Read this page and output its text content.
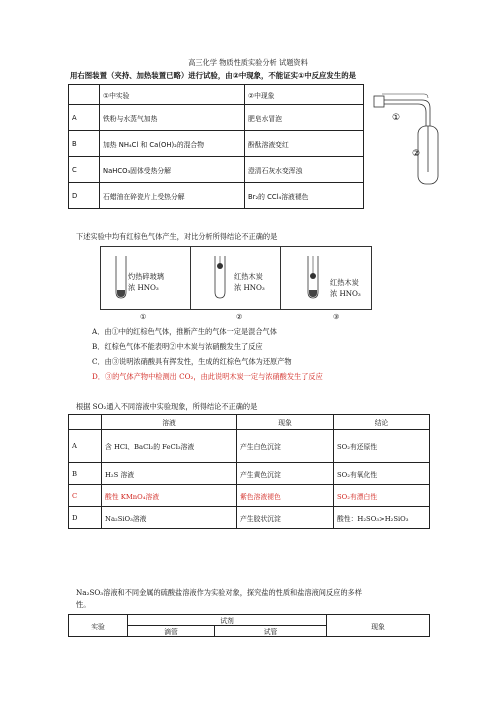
高三化学 物质性质实验分析 试题资料
用右图装置（夹持、加热装置已略）进行试验，由②中现象，不能证实①中反应发生的是
	①中实验	②中现象
A	铁粉与水蒸气加热	肥皂水冒泡
B	加热 NH₄Cl 和 Ca(OH)₂的混合物	酚酞溶液变红
C	NaHCO₃固体受热分解	澄清石灰水变浑浊
D	石蜡油在碎瓷片上受热分解	Br₂的 CCl₄溶液褪色
①
②
下述实验中均有红棕色气体产生，对比分析所得结论不正确的是
灼热碎玻璃
浓 HNO₃
红热木炭
浓 HNO₃
红热木炭
浓 HNO₃
①	②	③
A．由①中的红棕色气体，推断产生的气体一定是混合气体
B．红棕色气体不能表明②中木炭与浓硝酸发生了反应
C．由③说明浓硝酸具有挥发性，生成的红棕色气体为还原产物
D．③的气体产物中检测出 CO₂，由此说明木炭一定与浓硝酸发生了反应
根据 SO₂通入不同溶液中实验现象，所得结论不正确的是
	溶液	现象	结论
A	含 HCl、BaCl₂的 FeCl₃溶液	产生白色沉淀	SO₂有还原性
B	H₂S 溶液	产生黄色沉淀	SO₂有氧化性
C	酸性 KMnO₄溶液	紫色溶液褪色	SO₂有漂白性
D	Na₂SiO₃溶液	产生胶状沉淀	酸性：H₂SO₃>H₂SiO₃
Na₂SO₃溶液和不同金属的硫酸盐溶液作为实验对象，探究盐的性质和盐溶液间反应的多样
性。
实验	试剂		现象
	滴管	试管	
